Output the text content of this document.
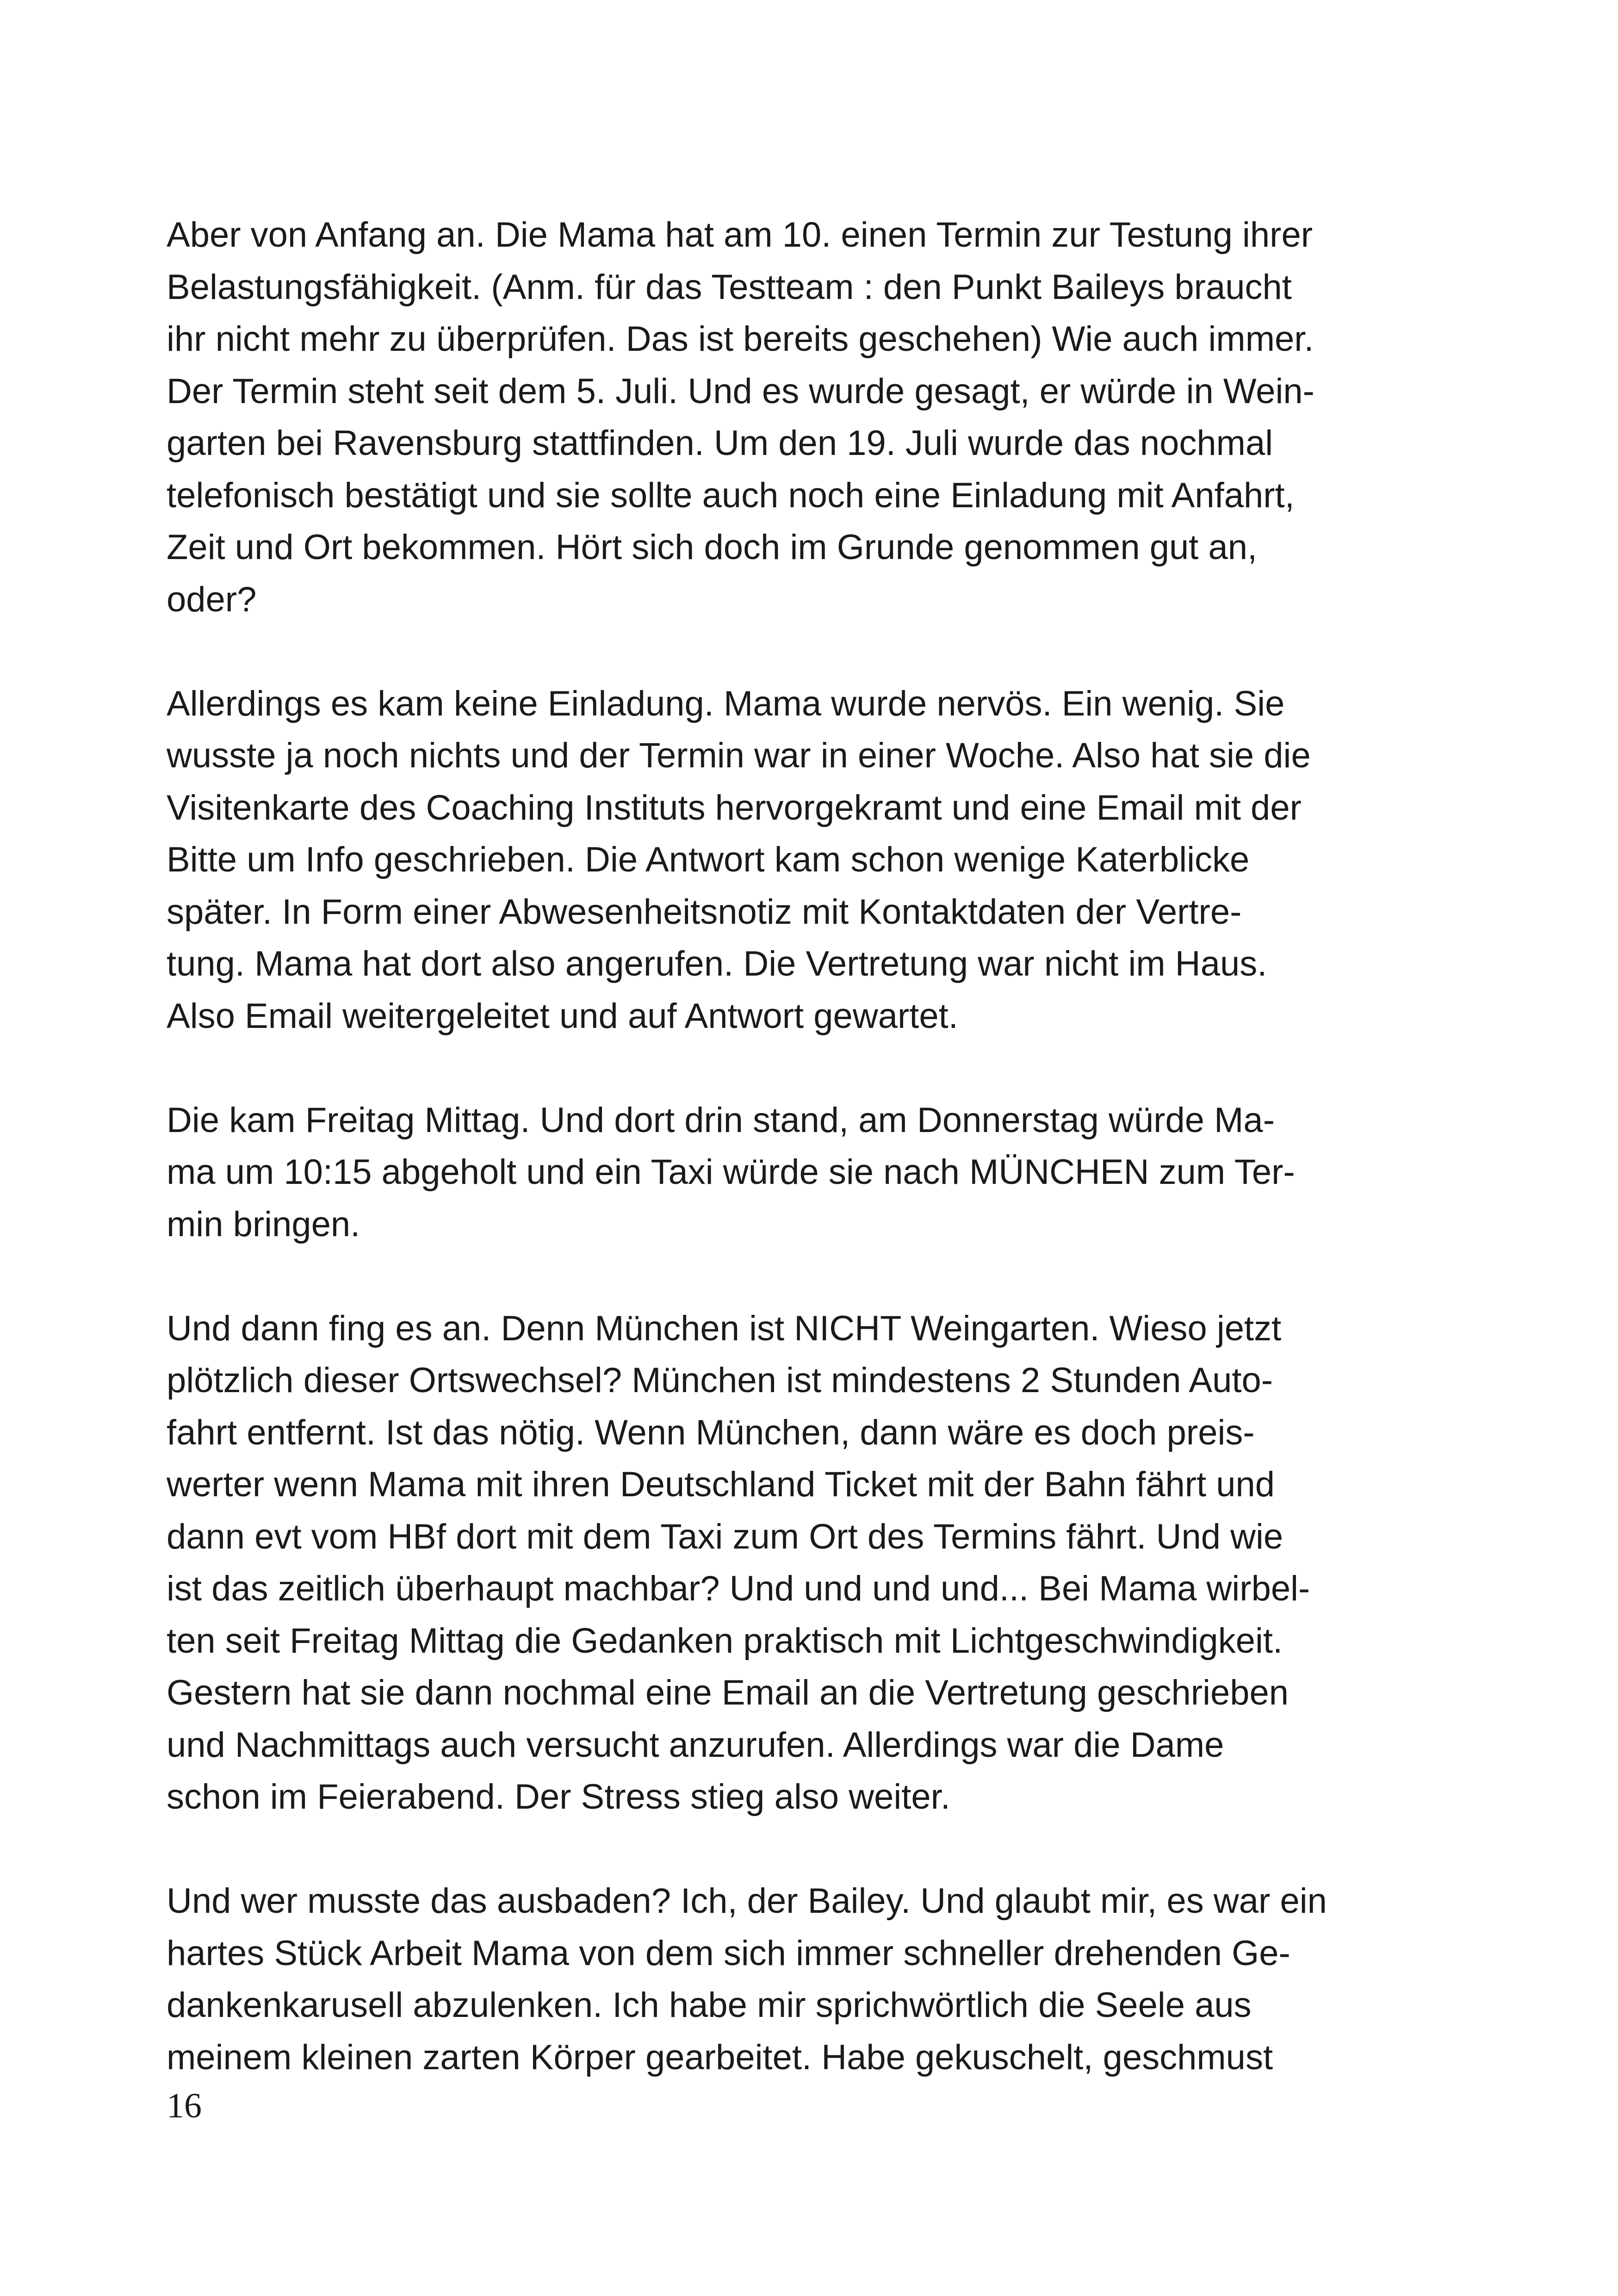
Aber von Anfang an. Die Mama hat am 10. einen Termin zur Testung ihrer
Belastungsfähigkeit. (Anm. für das Testteam : den Punkt Baileys braucht
ihr nicht mehr zu überprüfen. Das ist bereits geschehen) Wie auch immer.
Der Termin steht seit dem 5. Juli. Und es wurde gesagt, er würde in Wein-
garten bei Ravensburg stattfinden. Um den 19. Juli wurde das nochmal
telefonisch bestätigt und sie sollte auch noch eine Einladung mit Anfahrt,
Zeit und Ort bekommen. Hört sich doch im Grunde genommen gut an,
oder?
Allerdings es kam keine Einladung. Mama wurde nervös. Ein wenig. Sie
wusste ja noch nichts und der Termin war in einer Woche. Also hat sie die
Visitenkarte des Coaching Instituts hervorgekramt und eine Email mit der
Bitte um Info geschrieben. Die Antwort kam schon wenige Katerblicke
später. In Form einer Abwesenheitsnotiz mit Kontaktdaten der Vertre-
tung. Mama hat dort also angerufen. Die Vertretung war nicht im Haus.
Also Email weitergeleitet und auf Antwort gewartet.
Die kam Freitag Mittag. Und dort drin stand, am Donnerstag würde Ma-
ma um 10:15 abgeholt und ein Taxi würde sie nach MÜNCHEN zum Ter-
min bringen.
Und dann fing es an. Denn München ist NICHT Weingarten. Wieso jetzt
plötzlich dieser Ortswechsel? München ist mindestens 2 Stunden Auto-
fahrt entfernt. Ist das nötig. Wenn München, dann wäre es doch preis-
werter wenn Mama mit ihren Deutschland Ticket mit der Bahn fährt und
dann evt vom HBf dort mit dem Taxi zum Ort des Termins fährt. Und wie
ist das zeitlich überhaupt machbar? Und und und und... Bei Mama wirbel-
ten seit Freitag Mittag die Gedanken praktisch mit Lichtgeschwindigkeit.
Gestern hat sie dann nochmal eine Email an die Vertretung geschrieben
und Nachmittags auch versucht anzurufen. Allerdings war die Dame
schon im Feierabend. Der Stress stieg also weiter.
Und wer musste das ausbaden? Ich, der Bailey. Und glaubt mir, es war ein
hartes Stück Arbeit Mama von dem sich immer schneller drehenden Ge-
dankenkarusell abzulenken. Ich habe mir sprichwörtlich die Seele aus
meinem kleinen zarten Körper gearbeitet. Habe gekuschelt, geschmust
16
